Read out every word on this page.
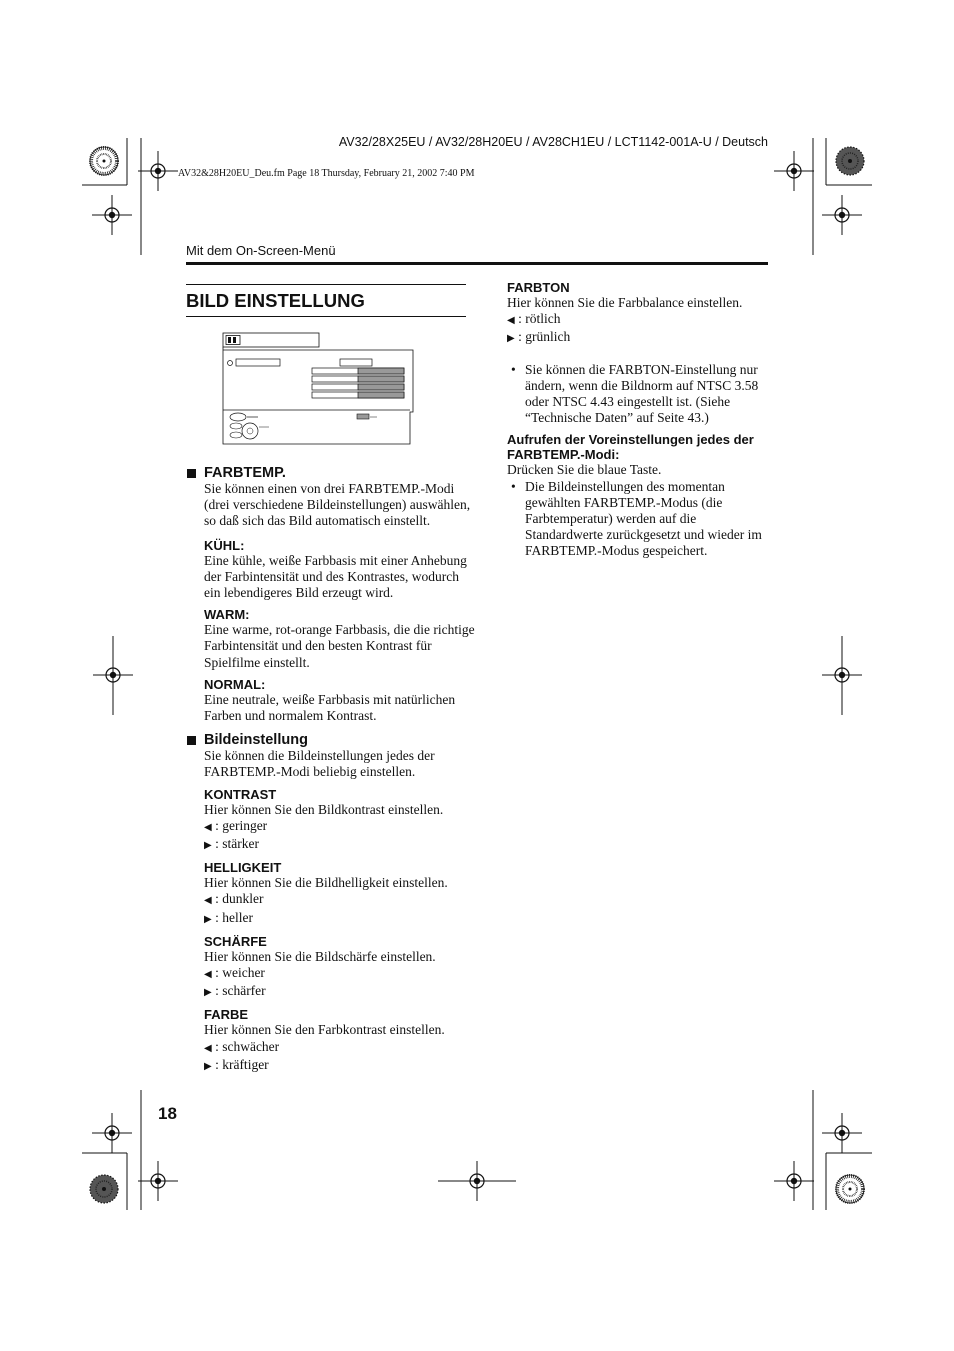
AV32/28X25EU / AV32/28H20EU / AV28CH1EU / LCT1142-001A-U / Deutsch
AV32&28H20EU_Deu.fm Page 18 Thursday, February 21, 2002 7:40 PM
Mit dem On-Screen-Menü
BILD EINSTELLUNG

FARBTEMP.

Sie können einen von drei FARBTEMP.-Modi (drei verschiedene Bildeinstellungen) auswählen, so daß sich das Bild automatisch einstellt.

KÜHL:

Eine kühle, weiße Farbbasis mit einer Anhebung der Farbintensität und des Kontrastes, wodurch ein lebendigeres Bild erzeugt wird.

WARM:

Eine warme, rot-orange Farbbasis, die die richtige Farbintensität und den besten Kontrast für Spielfilme einstellt.

NORMAL:

Eine neutrale, weiße Farbbasis mit natürlichen Farben und normalem Kontrast.

Bildeinstellung

Sie können die Bildeinstellungen jedes der FARBTEMP.-Modi beliebig einstellen.

KONTRAST

Hier können Sie den Bildkontrast einstellen.

◀ : geringer

▶ : stärker

HELLIGKEIT

Hier können Sie die Bildhelligkeit einstellen.

◀ : dunkler

▶ : heller

SCHÄRFE

Hier können Sie die Bildschärfe einstellen.

◀ : weicher

▶ : schärfer

FARBE

Hier können Sie den Farbkontrast einstellen.

◀ : schwächer

▶ : kräftiger

FARBTON

Hier können Sie die Farbbalance einstellen.

◀ : rötlich

▶ : grünlich

• Sie können die FARBTON-Einstellung nur ändern, wenn die Bildnorm auf NTSC 3.58 oder NTSC 4.43 eingestellt ist. (Siehe “Technische Daten” auf Seite 43.)

Aufrufen der Voreinstellungen jedes der FARBTEMP.-Modi:

Drücken Sie die blaue Taste.

• Die Bildeinstellungen des momentan gewählten FARBTEMP.-Modus (die Farbtemperatur) werden auf die Standardwerte zurückgesetzt und wieder im FARBTEMP.-Modus gespeichert.

18
